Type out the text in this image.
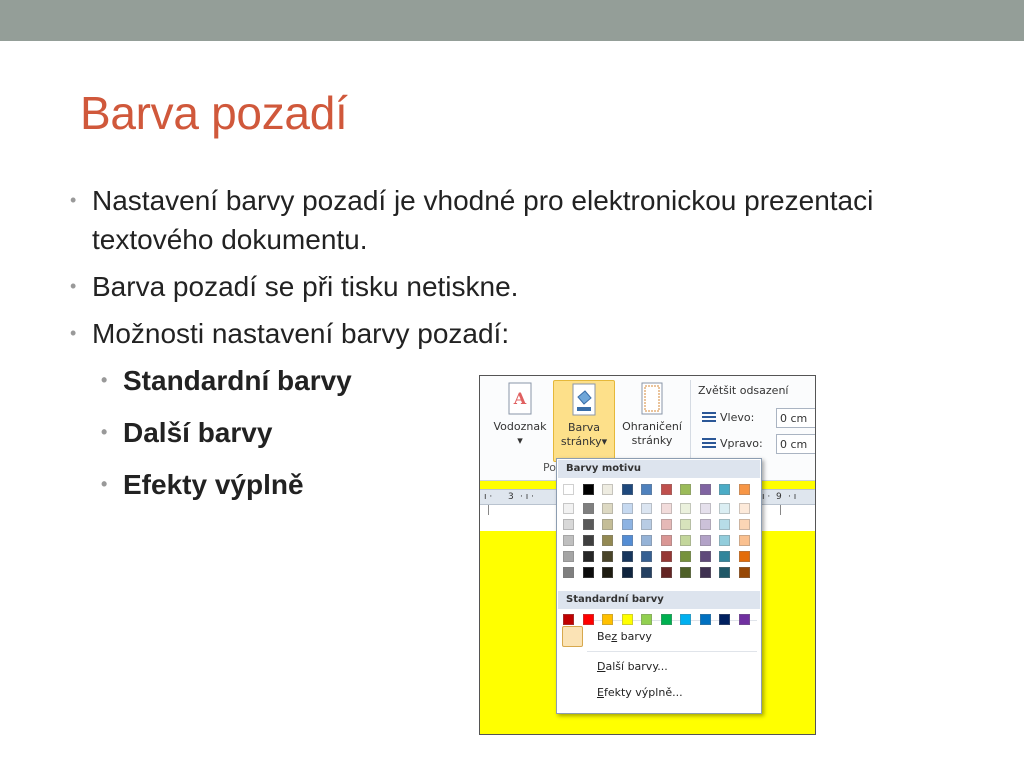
Barva pozadí
• Nastavení barvy pozadí je vhodné pro elektronickou prezentaci textového dokumentu.
• Barva pozadí se při tisku netiskne.
• Možnosti nastavení barvy pozadí:
• Standardní barvy
• Další barvy
• Efekty výplně
A
Vodoznak
▾
Barva
stránky▾
Ohraničení
stránky
Po
Zvětšit odsazení
Vlevo:	0 cm
Vpravo:	0 cm
ı · 3 · ı ·	ı · 9 · ı
Barvy motivu
Standardní barvy
Bez barvy
Další barvy...
Efekty výplně...
